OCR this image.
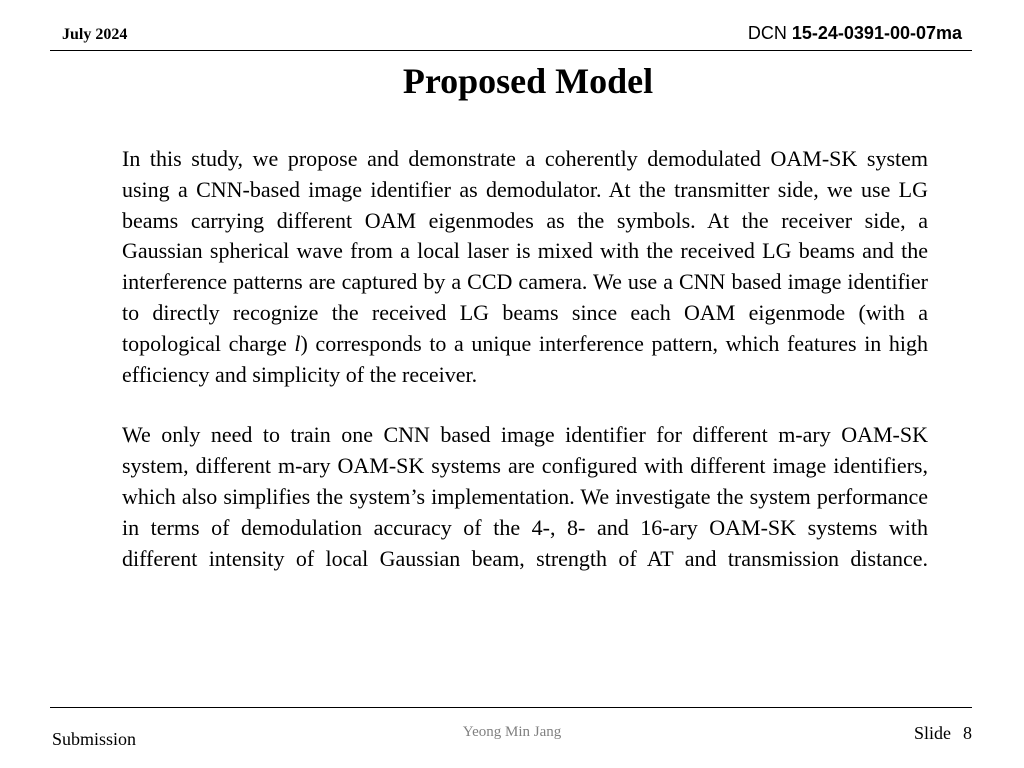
July 2024	DCN 15-24-0391-00-07ma
Proposed Model

In this study, we propose and demonstrate a coherently demodulated OAM-SK system using a CNN-based image identifier as demodulator. At the transmitter side, we use LG beams carrying different OAM eigenmodes as the symbols. At the receiver side, a Gaussian spherical wave from a local laser is mixed with the received LG beams and the interference patterns are captured by a CCD camera. We use a CNN based image identifier to directly recognize the received LG beams since each OAM eigenmode (with a topological charge l) corresponds to a unique interference pattern, which features in high efficiency and simplicity of the receiver.

We only need to train one CNN based image identifier for different m-ary OAM-SK system, different m-ary OAM-SK systems are configured with different image identifiers, which also simplifies the system’s implementation. We investigate the system performance in terms of demodulation accuracy of the 4-, 8- and 16-ary OAM-SK systems with different intensity of local Gaussian beam, strength of AT and transmission distance.

Submission	Yeong Min Jang	Slide 8
